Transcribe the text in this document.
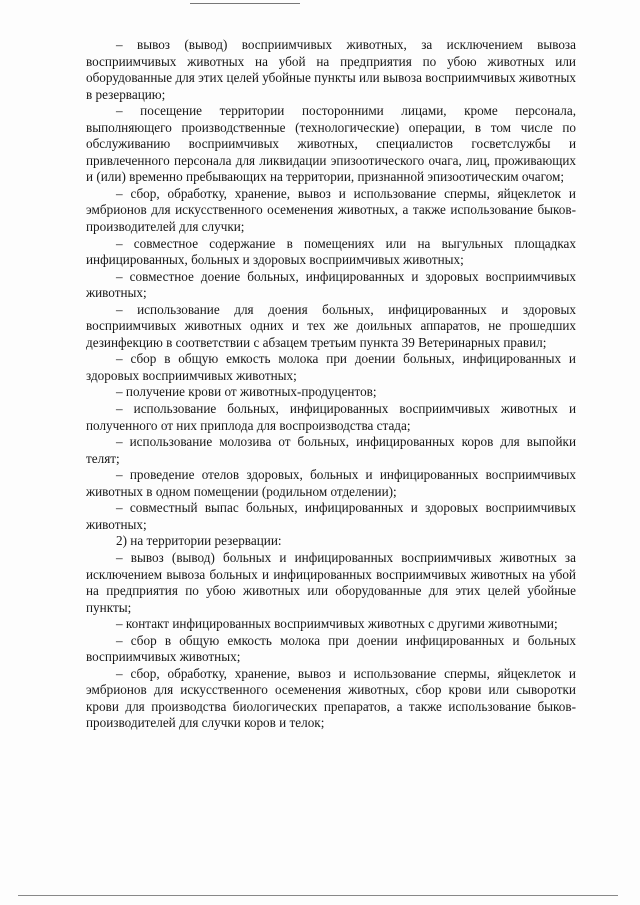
– вывоз (вывод) восприимчивых животных, за исключением вывоза восприимчивых животных на убой на предприятия по убою животных или оборудованные для этих целей убойные пункты или вывоза восприимчивых животных в резервацию;

– посещение территории посторонними лицами, кроме персонала, выполняющего производственные (технологические) операции, в том числе по обслуживанию восприимчивых животных, специалистов госветслужбы и привлеченного персонала для ликвидации эпизоотического очага, лиц, проживающих и (или) временно пребывающих на территории, признанной эпизоотическим очагом;

– сбор, обработку, хранение, вывоз и использование спермы, яйцеклеток и эмбрионов для искусственного осеменения животных, а также использование быков-производителей для случки;

– совместное содержание в помещениях или на выгульных площадках инфицированных, больных и здоровых восприимчивых животных;

– совместное доение больных, инфицированных и здоровых восприимчивых животных;

– использование для доения больных, инфицированных и здоровых восприимчивых животных одних и тех же доильных аппаратов, не прошедших дезинфекцию в соответствии с абзацем третьим пункта 39 Ветеринарных правил;

– сбор в общую емкость молока при доении больных, инфицированных и здоровых восприимчивых животных;

– получение крови от животных-продуцентов;

– использование больных, инфицированных восприимчивых животных и полученного от них приплода для воспроизводства стада;

– использование молозива от больных, инфицированных коров для выпойки телят;

– проведение отелов здоровых, больных и инфицированных восприимчивых животных в одном помещении (родильном отделении);

– совместный выпас больных, инфицированных и здоровых восприимчивых животных;

2) на территории резервации:

– вывоз (вывод) больных и инфицированных восприимчивых животных за исключением вывоза больных и инфицированных восприимчивых животных на убой на предприятия по убою животных или оборудованные для этих целей убойные пункты;

– контакт инфицированных восприимчивых животных с другими животными;

– сбор в общую емкость молока при доении инфицированных и больных восприимчивых животных;

– сбор, обработку, хранение, вывоз и использование спермы, яйцеклеток и эмбрионов для искусственного осеменения животных, сбор крови или сыворотки крови для производства биологических препаратов, а также использование быков-производителей для случки коров и телок;
